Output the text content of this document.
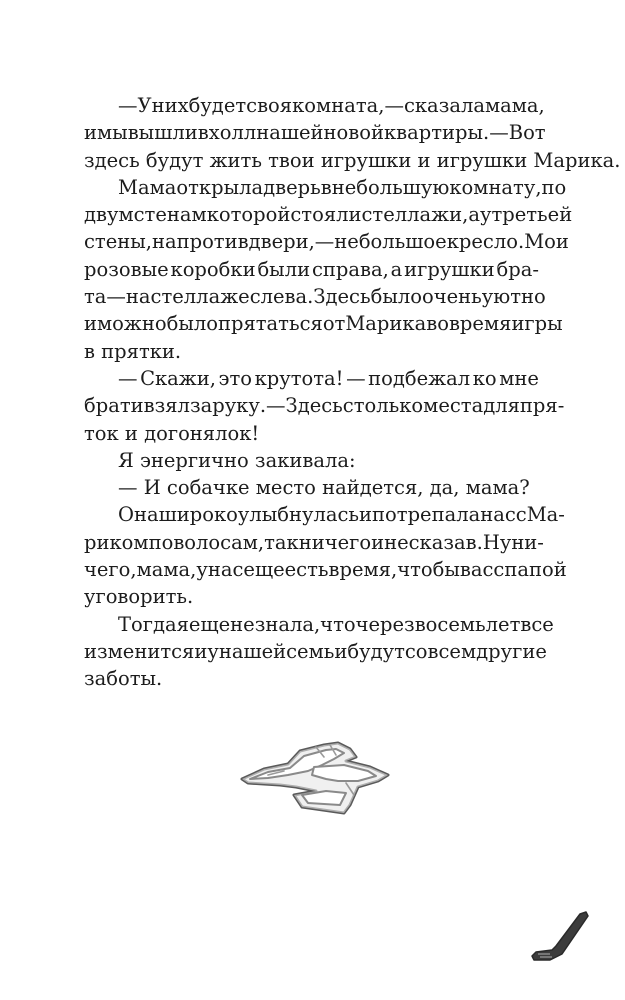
— У них будет своя комната, — сказала мама,
и мы вышли в холл нашей новой квартиры. — Вот
здесь будут жить твои игрушки и игрушки Марика.
Мама открыла дверь в небольшую комнату, по
двум стенам которой стояли стеллажи, а у третьей
стены, напротив двери, — небольшое кресло. Мои
розовые коробки были справа, а игрушки бра-
та — на стеллаже слева. Здесь было очень уютно
и можно было прятаться от Марика во время игры
в прятки.
— Скажи, это крутота! — подбежал ко мне
брат и взял за руку. — Здесь столько места для пря-
ток и догонялок!
Я энергично закивала:
— И собачке место найдется, да, мама?
Она широко улыбнулась и потрепала нас с Ма-
риком по волосам, так ничего и не сказав. Ну ни-
чего, мама, у нас еще есть время, чтобы вас с папой
уговорить.
Тогда я еще не знала, что через восемь лет все
изменится и у нашей семьи будут совсем другие
заботы.
